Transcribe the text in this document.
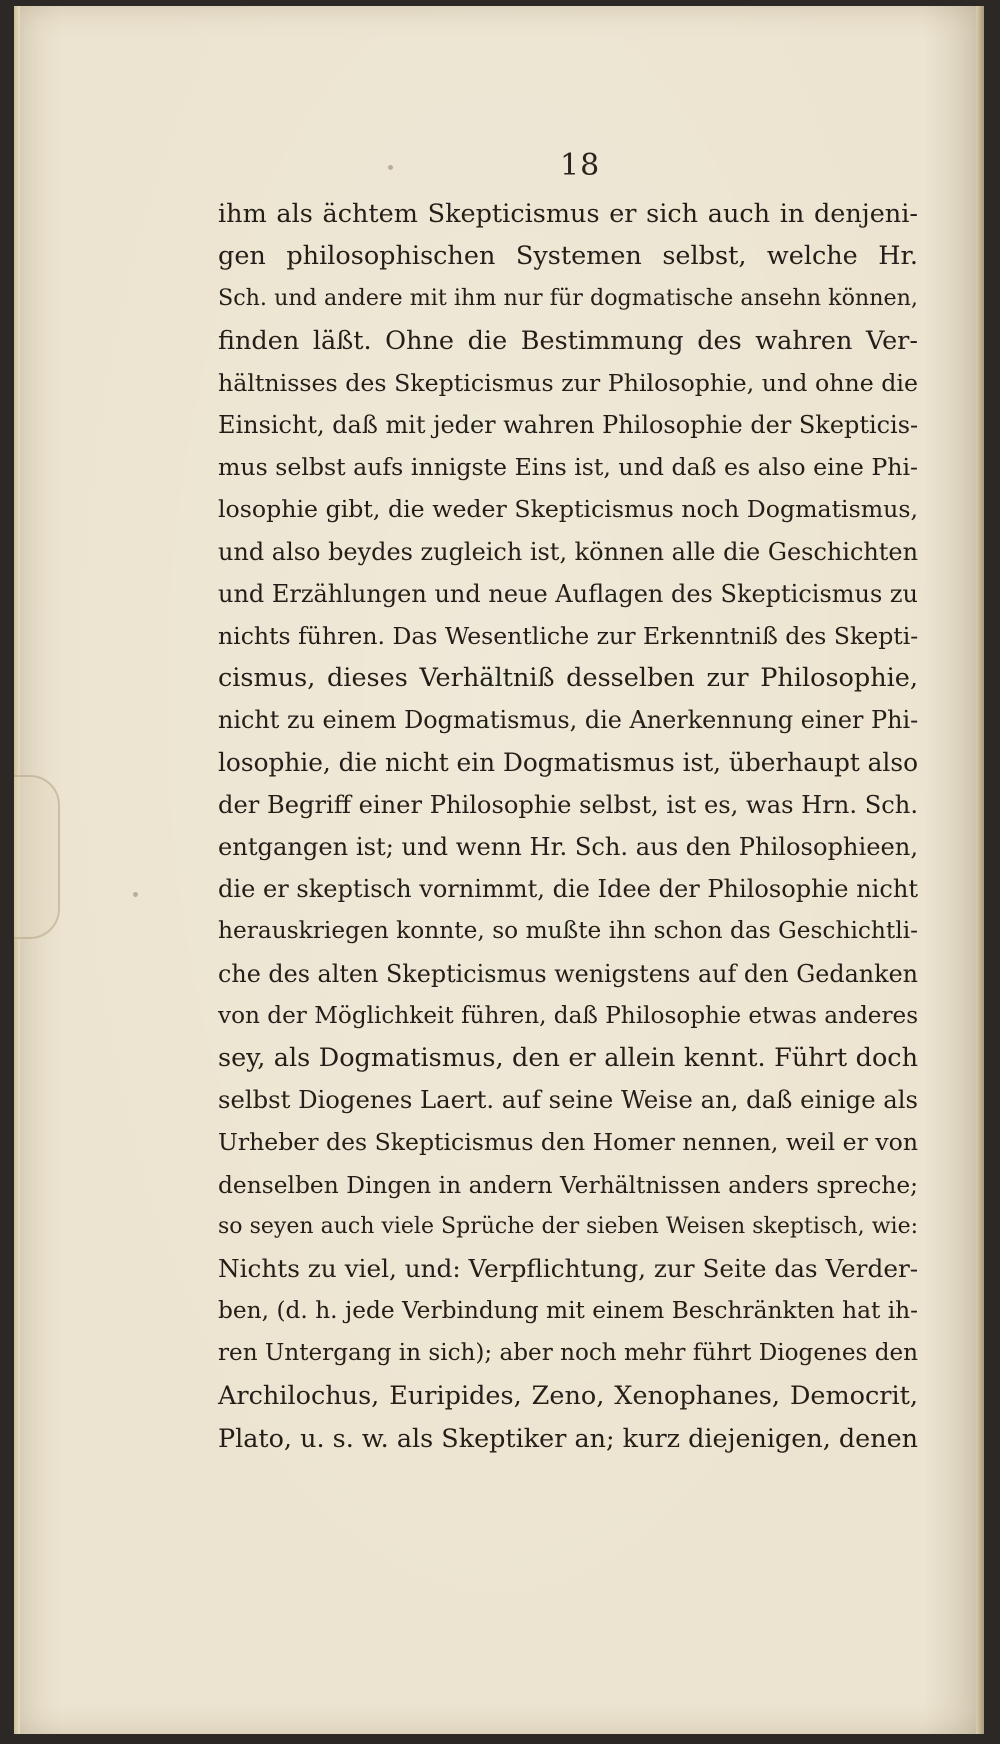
18
ihm als ächtem Skepticismus er sich auch in denjeni-
gen philosophischen Systemen selbst, welche Hr.
Sch. und andere mit ihm nur für dogmatische ansehn können,
finden läßt. Ohne die Bestimmung des wahren Ver-
hältnisses des Skepticismus zur Philosophie, und ohne die
Einsicht, daß mit jeder wahren Philosophie der Skepticis-
mus selbst aufs innigste Eins ist, und daß es also eine Phi-
losophie gibt, die weder Skepticismus noch Dogmatismus,
und also beydes zugleich ist, können alle die Geschichten
und Erzählungen und neue Auflagen des Skepticismus zu
nichts führen. Das Wesentliche zur Erkenntniß des Skepti-
cismus, dieses Verhältniß desselben zur Philosophie,
nicht zu einem Dogmatismus, die Anerkennung einer Phi-
losophie, die nicht ein Dogmatismus ist, überhaupt also
der Begriff einer Philosophie selbst, ist es, was Hrn. Sch.
entgangen ist; und wenn Hr. Sch. aus den Philosophieen,
die er skeptisch vornimmt, die Idee der Philosophie nicht
herauskriegen konnte, so mußte ihn schon das Geschichtli-
che des alten Skepticismus wenigstens auf den Gedanken
von der Möglichkeit führen, daß Philosophie etwas anderes
sey, als Dogmatismus, den er allein kennt. Führt doch
selbst Diogenes Laert. auf seine Weise an, daß einige als
Urheber des Skepticismus den Homer nennen, weil er von
denselben Dingen in andern Verhältnissen anders spreche;
so seyen auch viele Sprüche der sieben Weisen skeptisch, wie:
Nichts zu viel, und: Verpflichtung, zur Seite das Verder-
ben, (d. h. jede Verbindung mit einem Beschränkten hat ih-
ren Untergang in sich); aber noch mehr führt Diogenes den
Archilochus, Euripides, Zeno, Xenophanes, Democrit,
Plato, u. s. w. als Skeptiker an; kurz diejenigen, denen
